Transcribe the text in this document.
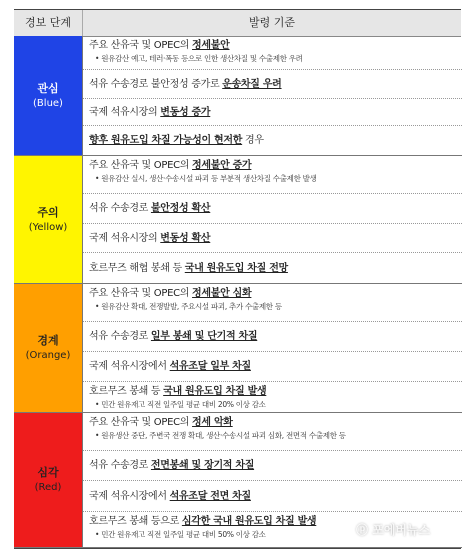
경보 단계	발령 기준
관심
(Blue)
주요 산유국 및 OPEC의 정세불안
• 원유감산 예고, 테러·폭동 등으로 인한 생산차질 및 수출제한 우려
석유 수송경로 불안정성 증가로 운송차질 우려
국제 석유시장의 변동성 증가
향후 원유도입 차질 가능성이 현저한 경우
주의
(Yellow)
주요 산유국 및 OPEC의 정세불안 증가
• 원유감산 실시, 생산·수송시설 파괴 등 부분적 생산차질 수출제한 발생
석유 수송경로 불안정성 확산
국제 석유시장의 변동성 확산
호르무즈 해협 봉쇄 등 국내 원유도입 차질 전망
경계
(Orange)
주요 산유국 및 OPEC의 정세불안 심화
• 원유감산 확대, 전쟁발발, 주요시설 파괴, 추가 수출제한 등
석유 수송경로 일부 봉쇄 및 단기적 차질
국제 석유시장에서 석유조달 일부 차질
호르무즈 봉쇄 등 국내 원유도입 차질 발생
• 민간 원유재고 직전 일주일 평균 대비 20% 이상 감소
심각
(Red)
주요 산유국 및 OPEC의 정세 악화
• 원유생산 중단, 주변국 전쟁 확대, 생산·수송시설 파괴 심화, 전면적 수출제한 등
석유 수송경로 전면봉쇄 및 장기적 차질
국제 석유시장에서 석유조달 전면 차질
호르무즈 봉쇄 등으로 심각한 국내 원유도입 차질 발생
• 민간 원유재고 직전 일주일 평균 대비 50% 이상 감소	ⓟ 포에버뉴스
